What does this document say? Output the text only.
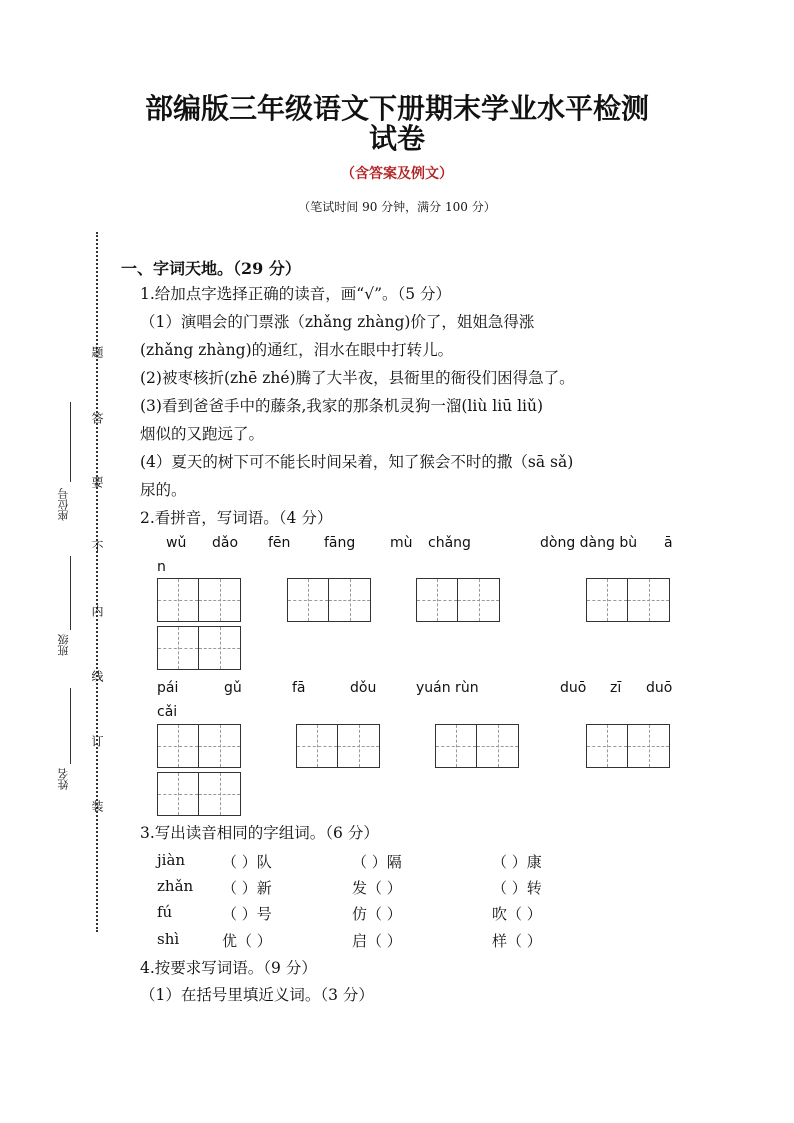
部编版三年级语文下册期末学业水平检测
试卷
（含答案及例文）
（笔试时间 90 分钟，满分 100 分）
题
答
要
不
内
线
订
装
座位号
班级
姓名
一、字词天地。（29 分）
1.给加点字选择正确的读音，画“√”。（5 分）
（1）演唱会的门票涨（zhǎng zhàng)价了，姐姐急得涨
(zhǎng zhàng)的通红，泪水在眼中打转儿。
(2)被枣核折(zhē zhé)腾了大半夜，县衙里的衙役们困得急了。
(3)看到爸爸手中的藤条,我家的那条机灵狗一溜(liù liū liǔ)
烟似的又跑远了。
(4）夏天的树下可不能长时间呆着，知了猴会不时的撒（sā sǎ)
尿的。
2.看拼音，写词语。（4 分）
wǔ dǎo fēn fāng mù chǎng	dòng dàng bù ā
n
pái	gǔ	fā	dǒu	yuán rùn	duō zī duō
cǎi
3.写出读音相同的字组词。（6 分）
jiàn （ ）队	（ ）隔	（ ）康
zhǎn （ ）新	发（ ）	（ ）转
fú	（ ）号	仿（ ）	吹（ ）
shì	优（ ）	启（ ）	样（ ）
4.按要求写词语。（9 分）
（1）在括号里填近义词。（3 分）
